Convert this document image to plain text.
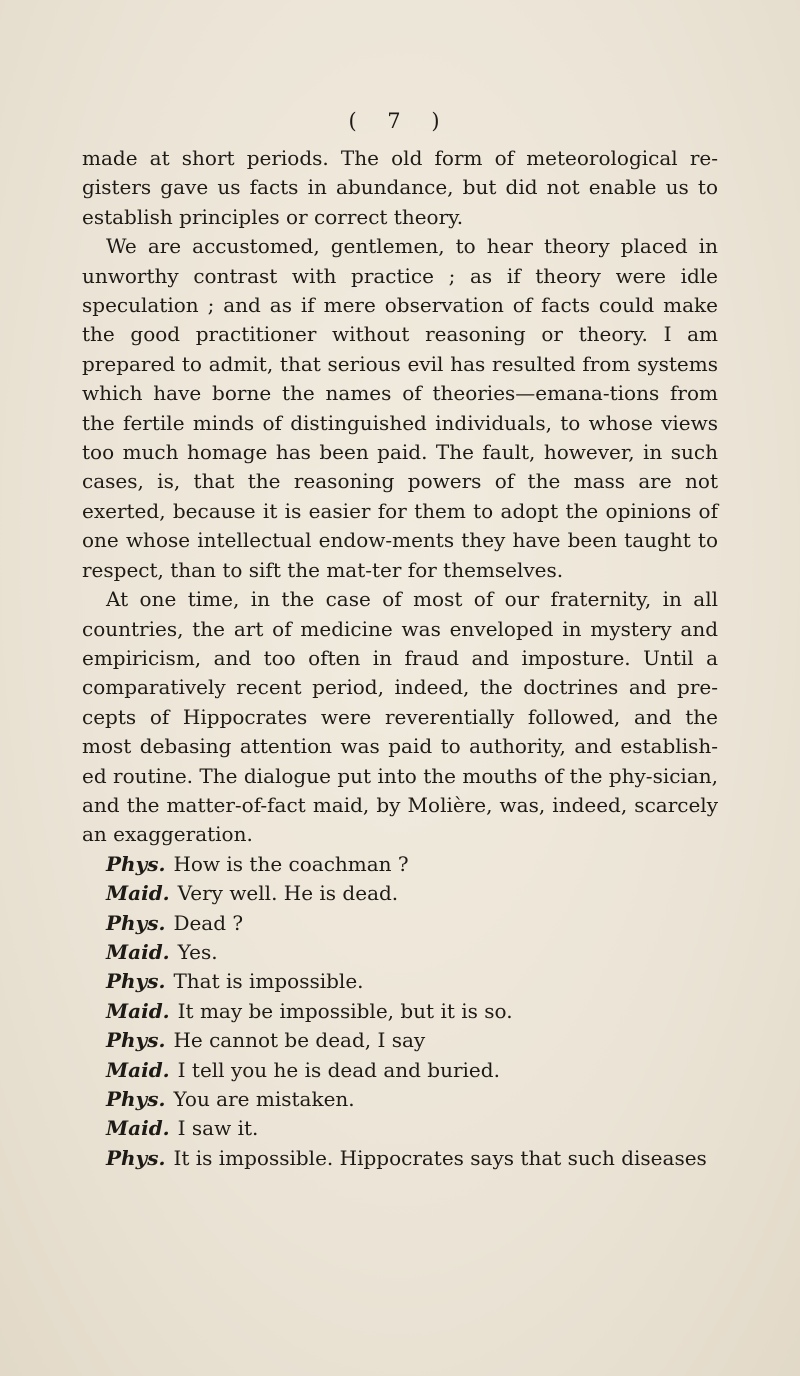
( 7 )

made at short periods. The old form of meteorological re-gisters gave us facts in abundance, but did not enable us to establish principles or correct theory.

We are accustomed, gentlemen, to hear theory placed in unworthy contrast with practice ; as if theory were idle speculation ; and as if mere observation of facts could make the good practitioner without reasoning or theory. I am prepared to admit, that serious evil has resulted from systems which have borne the names of theories—emana-tions from the fertile minds of distinguished individuals, to whose views too much homage has been paid. The fault, however, in such cases, is, that the reasoning powers of the mass are not exerted, because it is easier for them to adopt the opinions of one whose intellectual endow-ments they have been taught to respect, than to sift the mat-ter for themselves.

At one time, in the case of most of our fraternity, in all countries, the art of medicine was enveloped in mystery and empiricism, and too often in fraud and imposture. Until a comparatively recent period, indeed, the doctrines and pre-cepts of Hippocrates were reverentially followed, and the most debasing attention was paid to authority, and establish-ed routine. The dialogue put into the mouths of the phy-sician, and the matter-of-fact maid, by Molière, was, indeed, scarcely an exaggeration.

Phys. How is the coachman ?
Maid. Very well. He is dead.
Phys. Dead ?
Maid. Yes.
Phys. That is impossible.
Maid. It may be impossible, but it is so.
Phys. He cannot be dead, I say
Maid. I tell you he is dead and buried.
Phys. You are mistaken.
Maid. I saw it.
Phys. It is impossible. Hippocrates says that such diseases
